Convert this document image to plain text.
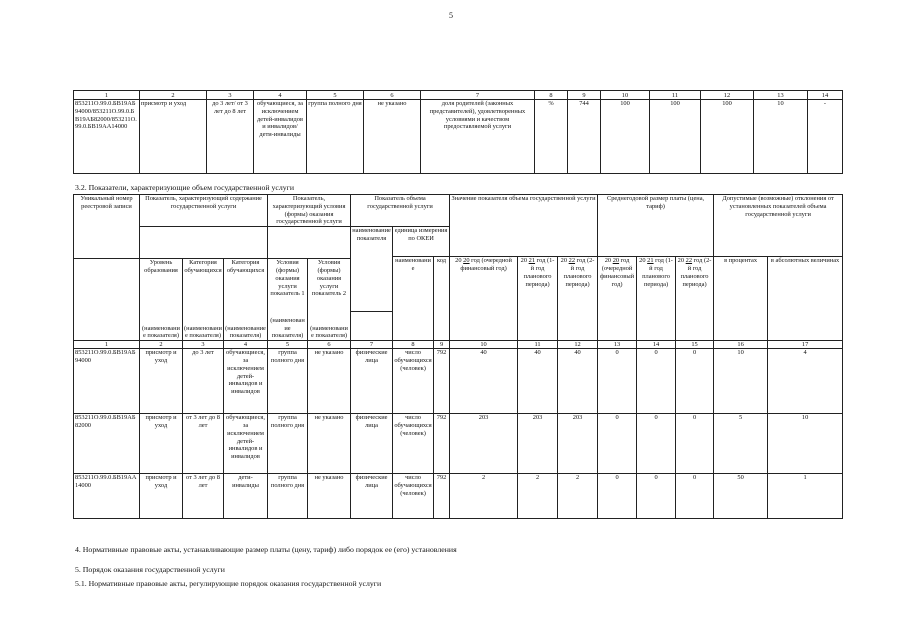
5
1	2	3	4	5	6	7	8	9	10	11	12	13	14
853211О.99.0.БВ19АБ94000/853211О.99.0.БВ19АБ82000/853211О.99.0.БВ19АА14000	присмотр и уход	до 3 лет/ от 3 лет до 8 лет	обучающиеся, за исключением детей-инвалидов и инвалидов/ дети-инвалиды	группа полного дня	не указано	доля родителей (законных представителей), удовлетворенных условиями и качеством предоставляемой услуги	%	744	100	100	100	10	-
3.2. Показатели, характеризующие объем государственной услуги
Уникальный номер реестровой записи	Показатель, характеризующий содержание государственной услуги			Показатель, характеризующий условия (формы) оказания государственной услуги		Показатель объема государственной услуги			Значение показателя объема государственной услуги			Среднегодовой размер платы (цена, тариф)			Допустимые (возможные) отклонения от установленных показателей объема государственной услуги	
						наименование показателя	единица измерения по ОКЕИ									
							наименование	код	20 20 год (очередной финансовый год)	20 21 год (1-й год планового периода)	20 22 год (2-й год планового периода)	20 20 год (очередной финансовый год)	20 21 год (1-й год планового периода)	20 22 год (2-й год планового периода)	в процентах	в абсолютных величинах
	Уровень образования	Категория обучающихся	Категория обучающихся	Условия (формы) оказания услуги показатель 1	Условия (формы) оказания услуги показатель 2											
	(наименование показателя)	(наименование показателя)	(наименование показателя)	(наименование показателя)	(наименование показателя)											
1	2	3	4	5	6	7	8	9	10	11	12	13	14	15	16	17
853211О.99.0.БВ19АБ94000	присмотр и уход	до 3 лет	обучающиеся, за исключением детей-инвалидов и инвалидов	группа полного дня	не указано	физические лица	число обучающихся (человек)	792	40	40	40	0	0	0	10	4
853211О.99.0.БВ19АБ82000	присмотр и уход	от 3 лет до 8 лет	обучающиеся, за исключением детей-инвалидов и инвалидов	группа полного дня	не указано	физические лица	число обучающихся (человек)	792	203	203	203	0	0	0	5	10
853211О.99.0.БВ19АА14000	присмотр и уход	от 3 лет до 8 лет	дети-инвалиды	группа полного дня	не указано	физические лица	число обучающихся (человек)	792	2	2	2	0	0	0	50	1
4. Нормативные правовые акты, устанавливающие размер платы (цену, тариф) либо порядок ее (его) установления
5. Порядок оказания государственной услуги
5.1. Нормативные правовые акты, регулирующие порядок оказания государственной услуги
